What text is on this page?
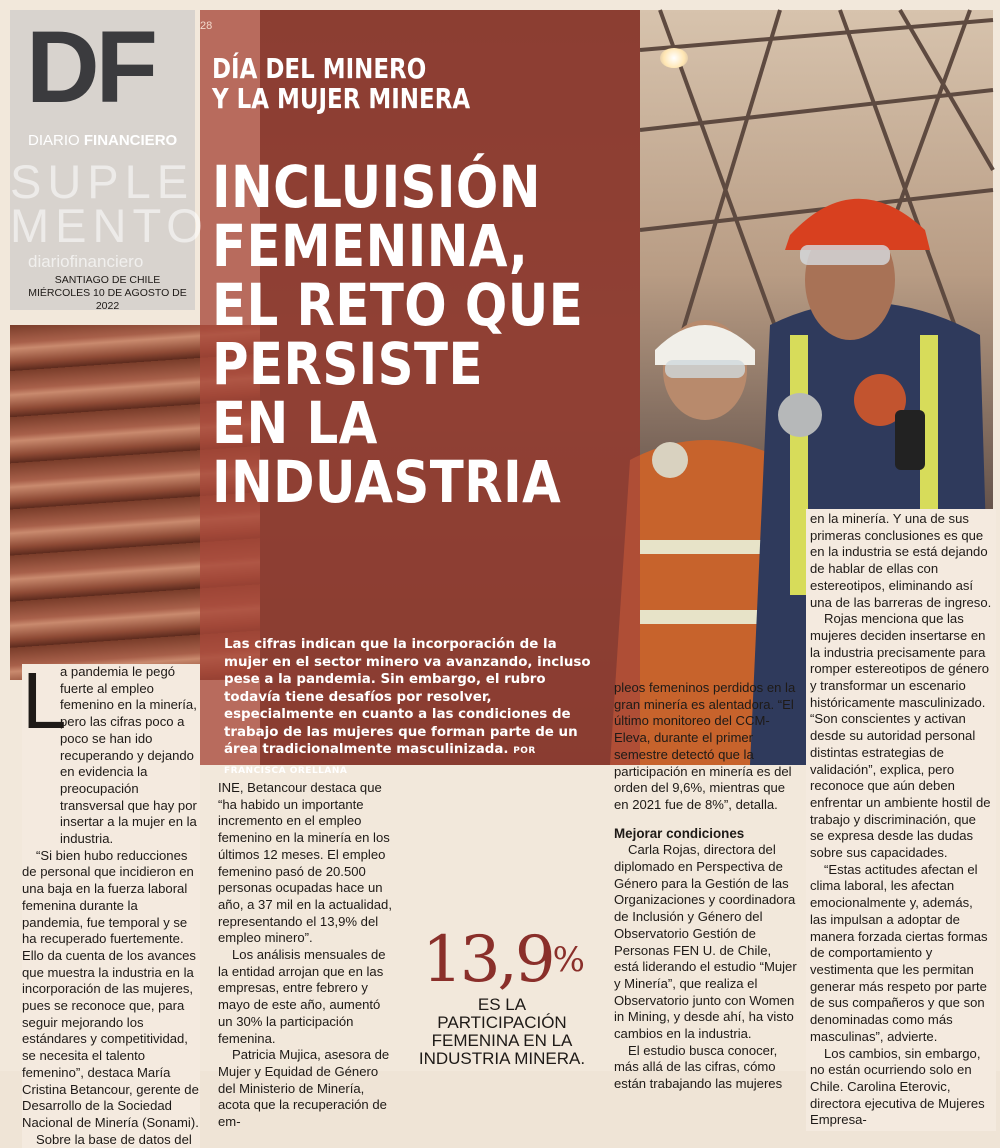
DF
DIARIO FINANCIERO
SUPLE
MENTO
diariofinanciero
SANTIAGO DE CHILE
MIÉRCOLES 10 DE AGOSTO DE 2022
28
DÍA DEL MINERO
Y LA MUJER MINERA
INCLUISIÓN
FEMENINA,
EL RETO QUE
PERSISTE
EN LA
INDUASTRIA
Las cifras indican que la incorporación de la mujer en el sector minero va avanzando, incluso pese a la pandemia. Sin embargo, el rubro todavía tiene desafíos por resolver, especialmente en cuanto a las condiciones de trabajo de las mujeres que forman parte de un área tradicionalmente masculinizada. POR FRANCISCA ORELLANA
L

a pandemia le pegó fuerte al empleo femenino en la minería, pero las cifras poco a poco se han ido recuperando y dejando en evidencia la preocupación transversal que hay por insertar a la mujer en la industria.

“Si bien hubo reducciones de personal que incidieron en una baja en la fuerza laboral femenina durante la pandemia, fue temporal y se ha recuperado fuertemente. Ello da cuenta de los avances que muestra la industria en la incorporación de las mujeres, pues se reconoce que, para seguir mejorando los estándares y competitividad, se necesita el talento femenino”, destaca María Cristina Betancour, gerente de Desarrollo de la Sociedad Nacional de Minería (Sonami).

Sobre la base de datos del

INE, Betancour destaca que “ha habido un importante incremento en el empleo femenino en la minería en los últimos 12 meses. El empleo femenino pasó de 20.500 personas ocupadas hace un año, a 37 mil en la actualidad, representando el 13,9% del empleo minero”.

Los análisis mensuales de la entidad arrojan que en las empresas, entre febrero y mayo de este año, aumentó un 30% la participación femenina.

Patricia Mujica, asesora de Mujer y Equidad de Género del Ministerio de Minería, acota que la recuperación de em-

13,9%
ES LA PARTICIPACIÓN FEMENINA EN LA INDUSTRIA MINERA.

pleos femeninos perdidos en la gran minería es alentadora. “El último monitoreo del CCM-Eleva, durante el primer semestre detectó que la participación en minería es del orden del 9,6%, mientras que en 2021 fue de 8%”, detalla.

Mejorar condiciones

Carla Rojas, directora del diplomado en Perspectiva de Género para la Gestión de las Organizaciones y coordinadora de Inclusión y Género del Observatorio Gestión de Personas FEN U. de Chile, está liderando el estudio “Mujer y Minería”, que realiza el Observatorio junto con Women in Mining, y desde ahí, ha visto cambios en la industria.

El estudio busca conocer, más allá de las cifras, cómo están trabajando las mujeres

en la minería. Y una de sus primeras conclusiones es que en la industria se está dejando de hablar de ellas con estereotipos, eliminando así una de las barreras de ingreso.

Rojas menciona que las mujeres deciden insertarse en la industria precisamente para romper estereotipos de género y transformar un escenario históricamente masculinizado. “Son conscientes y activan desde su autoridad personal distintas estrategias de validación”, explica, pero reconoce que aún deben enfrentar un ambiente hostil de trabajo y discriminación, que se expresa desde las dudas sobre sus capacidades.

“Estas actitudes afectan el clima laboral, les afectan emocionalmente y, además, las impulsan a adoptar de manera forzada ciertas formas de comportamiento y vestimenta que les permitan generar más respeto por parte de sus compañeros y que son denominadas como más masculinas”, advierte.

Los cambios, sin embargo, no están ocurriendo solo en Chile. Carolina Eterovic, directora ejecutiva de Mujeres Empresa-
